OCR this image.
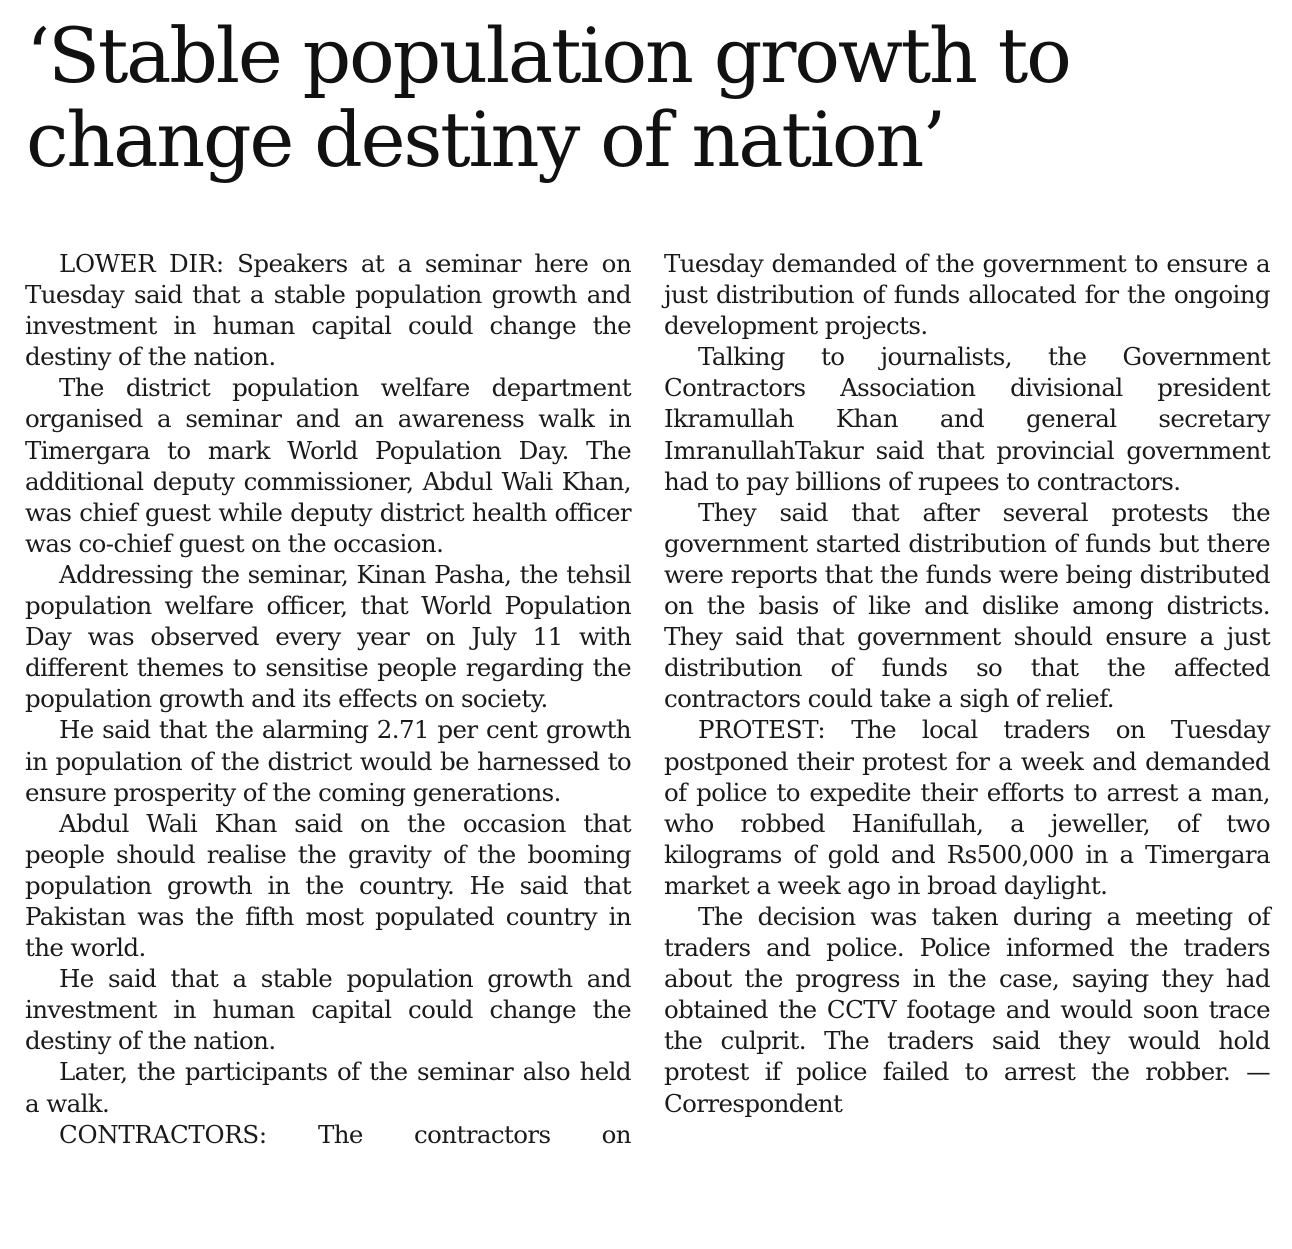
‘Stable population growth to
change destiny of nation’

LOWER DIR: Speakers at a seminar here on Tuesday said that a stable population growth and investment in human capital could change the destiny of the nation.

The district population welfare department organised a seminar and an awareness walk in Timergara to mark World Population Day. The additional deputy commissioner, Abdul Wali Khan, was chief guest while deputy district health officer was co-chief guest on the occasion.

Addressing the seminar, Kinan Pasha, the tehsil population welfare officer, that World Population Day was observed every year on July 11 with different themes to sensitise people regarding the population growth and its effects on society.

He said that the alarming 2.71 per cent growth in population of the district would be harnessed to ensure prosperity of the coming generations.

Abdul Wali Khan said on the occasion that people should realise the gravity of the booming population growth in the country. He said that Pakistan was the fifth most populated country in the world.

He said that a stable population growth and investment in human capital could change the destiny of the nation.

Later, the participants of the seminar also held a walk.

CONTRACTORS: The contractors on

Tuesday demanded of the government to ensure a just distribution of funds allocated for the ongoing development projects.

Talking to journalists, the Government Contractors Association divisional president Ikramullah Khan and general secretary ImranullahTakur said that provincial government had to pay billions of rupees to contractors.

They said that after several protests the government started distribution of funds but there were reports that the funds were being distributed on the basis of like and dislike among districts. They said that government should ensure a just distribution of funds so that the affected contractors could take a sigh of relief.

PROTEST: The local traders on Tuesday postponed their protest for a week and demanded of police to expedite their efforts to arrest a man, who robbed Hanifullah, a jeweller, of two kilograms of gold and Rs500,000 in a Timergara market a week ago in broad daylight.

The decision was taken during a meeting of traders and police. Police informed the traders about the progress in the case, saying they had obtained the CCTV footage and would soon trace the culprit. The traders said they would hold protest if police failed to arrest the robber. — Correspondent
